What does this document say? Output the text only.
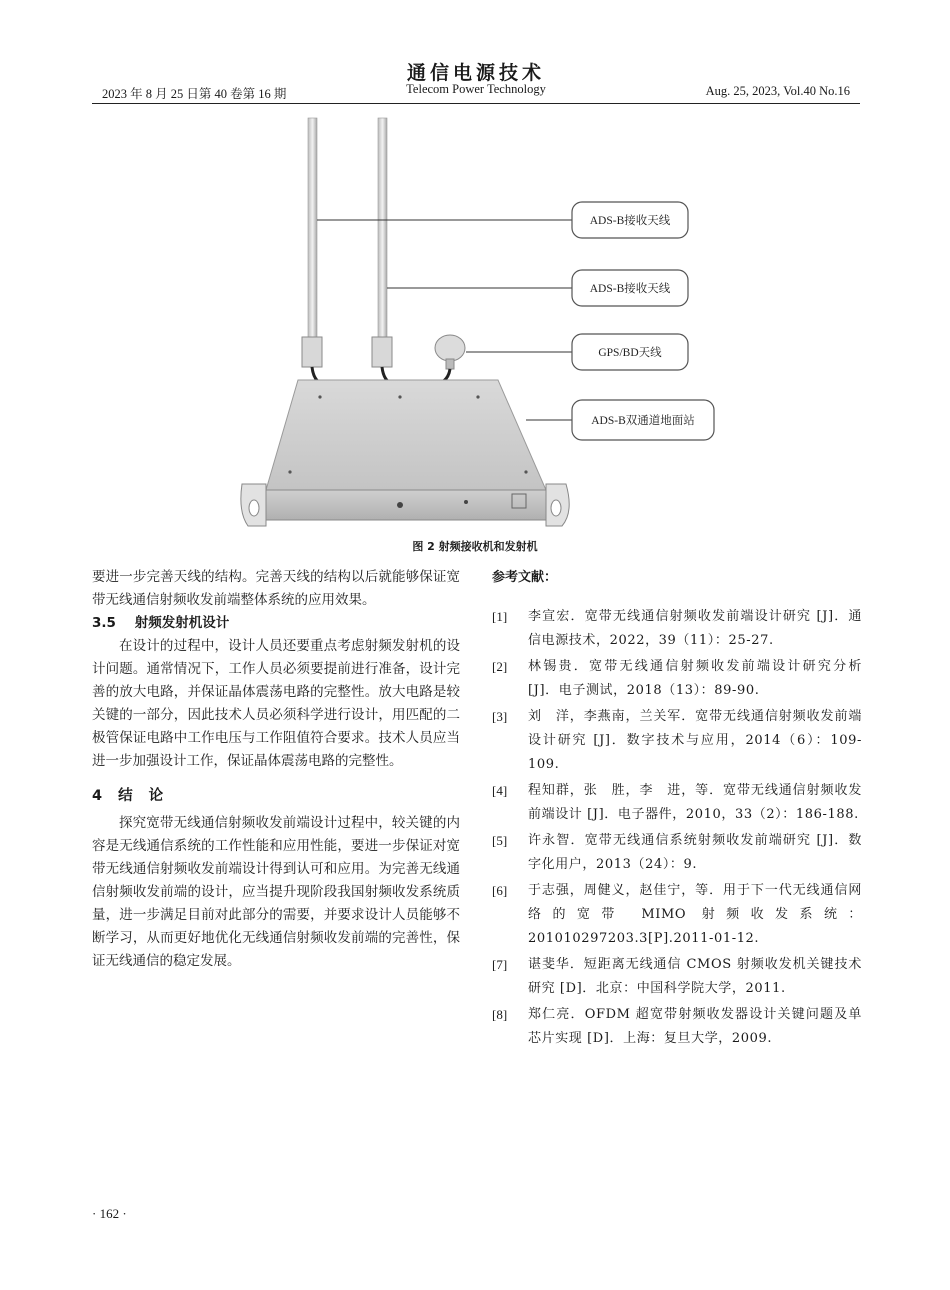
通信电源技术
Telecom Power Technology
2023 年 8 月 25 日第 40 卷第 16 期	Aug. 25, 2023, Vol.40 No.16
ADS-B接收天线
ADS-B接收天线
GPS/BD天线
ADS-B双通道地面站
图 2 射频接收机和发射机

要进一步完善天线的结构。完善天线的结构以后就能够保证宽带无线通信射频收发前端整体系统的应用效果。

3.5 射频发射机设计

在设计的过程中，设计人员还要重点考虑射频发射机的设计问题。通常情况下，工作人员必须要提前进行准备，设计完善的放大电路，并保证晶体震荡电路的完整性。放大电路是较关键的一部分，因此技术人员必须科学进行设计，用匹配的二极管保证电路中工作电压与工作阻值符合要求。技术人员应当进一步加强设计工作，保证晶体震荡电路的完整性。

4 结 论

探究宽带无线通信射频收发前端设计过程中，较关键的内容是无线通信系统的工作性能和应用性能，要进一步保证对宽带无线通信射频收发前端设计得到认可和应用。为完善无线通信射频收发前端的设计，应当提升现阶段我国射频收发系统质量，进一步满足目前对此部分的需要，并要求设计人员能够不断学习，从而更好地优化无线通信射频收发前端的完善性，保证无线通信的稳定发展。

参考文献：

[1]	李宣宏．宽带无线通信射频收发前端设计研究 [J]．通信电源技术，2022，39（11）：25-27.
[2]	林锡贵．宽带无线通信射频收发前端设计研究分析 [J]．电子测试，2018（13）：89-90.
[3]	刘　洋，李燕南，兰关军．宽带无线通信射频收发前端设计研究 [J]．数字技术与应用，2014（6）：109-109.
[4]	程知群，张　胜，李　进，等．宽带无线通信射频收发前端设计 [J]．电子器件，2010，33（2）：186-188.
[5]	许永智．宽带无线通信系统射频收发前端研究 [J]．数字化用户，2013（24）：9.
[6]	于志强，周健义，赵佳宁，等．用于下一代无线通信网络的宽带 MIMO 射频收发系统：201010297203.3[P].2011-01-12.
[7]	谌斐华．短距离无线通信 CMOS 射频收发机关键技术研究 [D]．北京：中国科学院大学，2011.
[8]	郑仁亮．OFDM 超宽带射频收发器设计关键问题及单芯片实现 [D]．上海：复旦大学，2009.
· 162 ·
